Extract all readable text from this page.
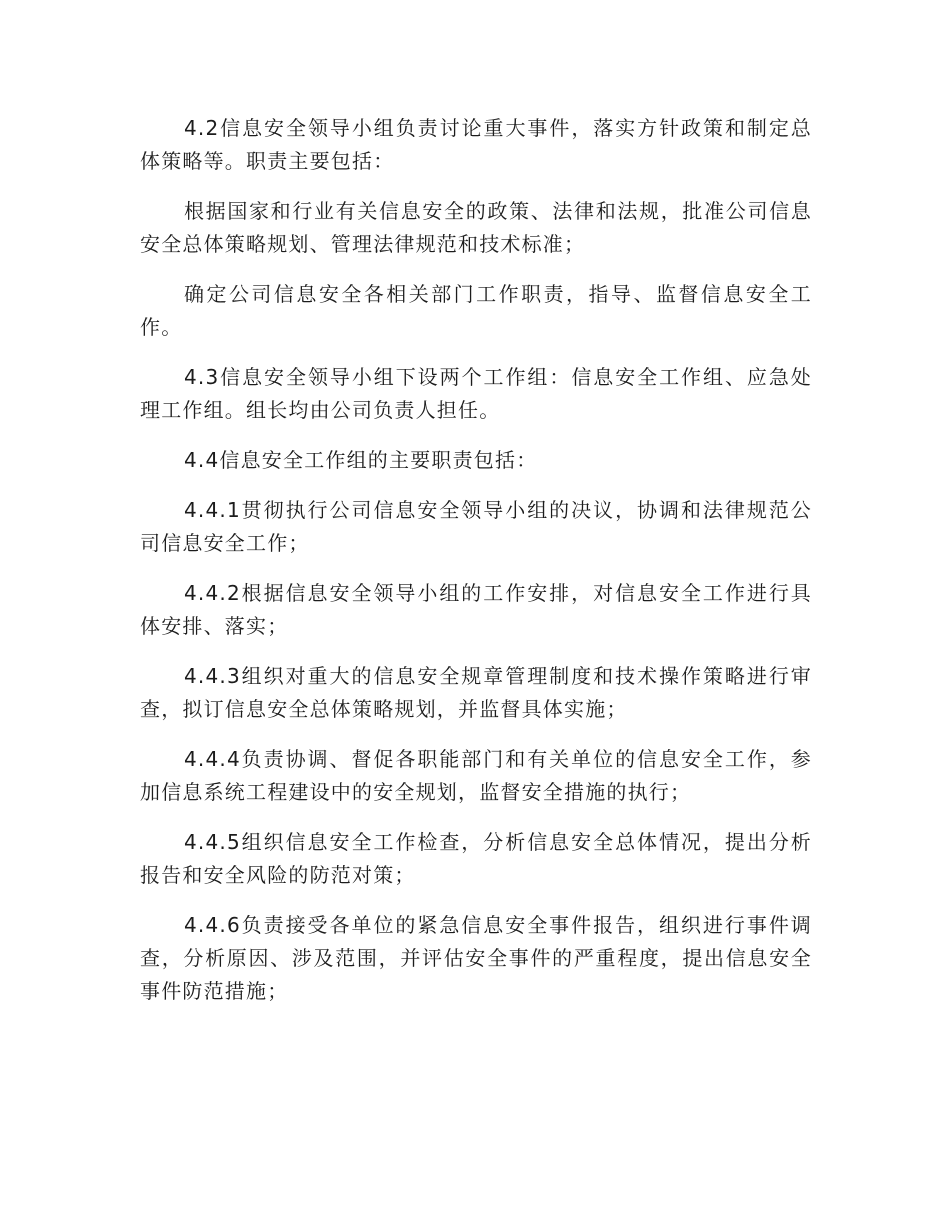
4.2信息安全领导小组负责讨论重大事件，落实方针政策和制定总体策略等。职责主要包括：

根据国家和行业有关信息安全的政策、法律和法规，批准公司信息安全总体策略规划、管理法律规范和技术标准；

确定公司信息安全各相关部门工作职责，指导、监督信息安全工作。

4.3信息安全领导小组下设两个工作组：信息安全工作组、应急处理工作组。组长均由公司负责人担任。

4.4信息安全工作组的主要职责包括：

4.4.1贯彻执行公司信息安全领导小组的决议，协调和法律规范公司信息安全工作；

4.4.2根据信息安全领导小组的工作安排，对信息安全工作进行具体安排、落实；

4.4.3组织对重大的信息安全规章管理制度和技术操作策略进行审查，拟订信息安全总体策略规划，并监督具体实施；

4.4.4负责协调、督促各职能部门和有关单位的信息安全工作，参加信息系统工程建设中的安全规划，监督安全措施的执行；

4.4.5组织信息安全工作检查，分析信息安全总体情况，提出分析报告和安全风险的防范对策；

4.4.6负责接受各单位的紧急信息安全事件报告，组织进行事件调查，分析原因、涉及范围，并评估安全事件的严重程度，提出信息安全事件防范措施；
